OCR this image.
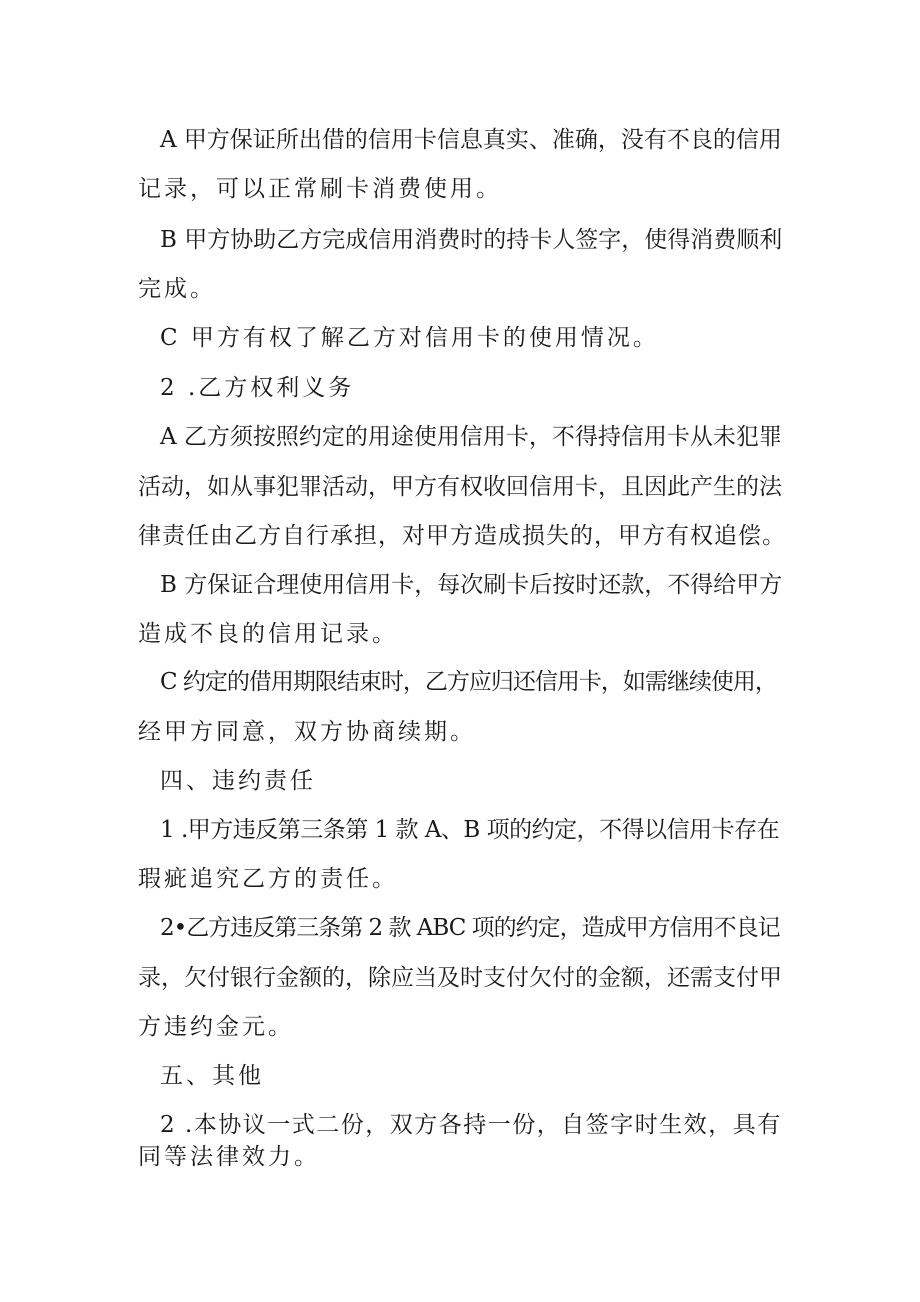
A 甲方保证所出借的信用卡信息真实、准确，没有不良的信用
记录，可以正常刷卡消费使用。
B 甲方协助乙方完成信用消费时的持卡人签字，使得消费顺利
完成。
C 甲方有权了解乙方对信用卡的使用情况。
2 .乙方权利义务
A 乙方须按照约定的用途使用信用卡，不得持信用卡从未犯罪
活动，如从事犯罪活动，甲方有权收回信用卡，且因此产生的法
律责任由乙方自行承担，对甲方造成损失的，甲方有权追偿。
B 方保证合理使用信用卡，每次刷卡后按时还款，不得给甲方
造成不良的信用记录。
C 约定的借用期限结束时，乙方应归还信用卡，如需继续使用，
经甲方同意，双方协商续期。
四、违约责任
1 .甲方违反第三条第 1 款 A、B 项的约定，不得以信用卡存在
瑕疵追究乙方的责任。
2•乙方违反第三条第 2 款 ABC 项的约定，造成甲方信用不良记
录，欠付银行金额的，除应当及时支付欠付的金额，还需支付甲
方违约金元。
五、其他
2 .本协议一式二份，双方各持一份，自签字时生效，具有
同等法律效力。
